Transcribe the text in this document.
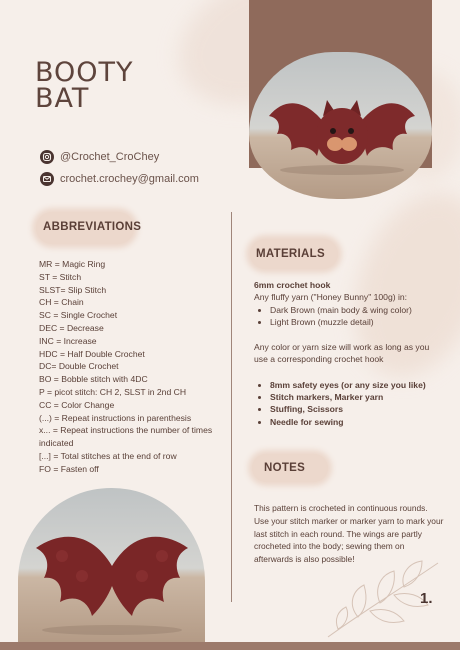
BOOTY
BAT
@Crochet_CroChey
crochet.crochey@gmail.com
ABBREVIATIONS
MR = Magic Ring
ST = Stitch
SLST= Slip Stitch
CH = Chain
SC = Single Crochet
DEC = Decrease
INC = Increase
HDC = Half Double Crochet
DC= Double Crochet
BO = Bobble stitch with 4DC
P = picot stitch: CH 2, SLST in 2nd CH
CC = Color Change
(...) = Repeat instructions in parenthesis
x... = Repeat instructions the number of times indicated
[...] = Total stitches at the end of row
FO = Fasten off
MATERIALS

6mm crochet hook

Any fluffy yarn ("Honey Bunny" 100g) in:

• Dark Brown (main body & wing color)
• Light Brown (muzzle detail)

Any color or yarn size will work as long as you use a corresponding crochet hook

• 8mm safety eyes (or any size you like)
• Stitch markers, Marker yarn
• Stuffing, Scissors
• Needle for sewing
NOTES

This pattern is crocheted in continuous rounds. Use your stitch marker or marker yarn to mark your last stitch in each round. The wings are partly crocheted into the body; sewing them on afterwards is also possible!

1.
